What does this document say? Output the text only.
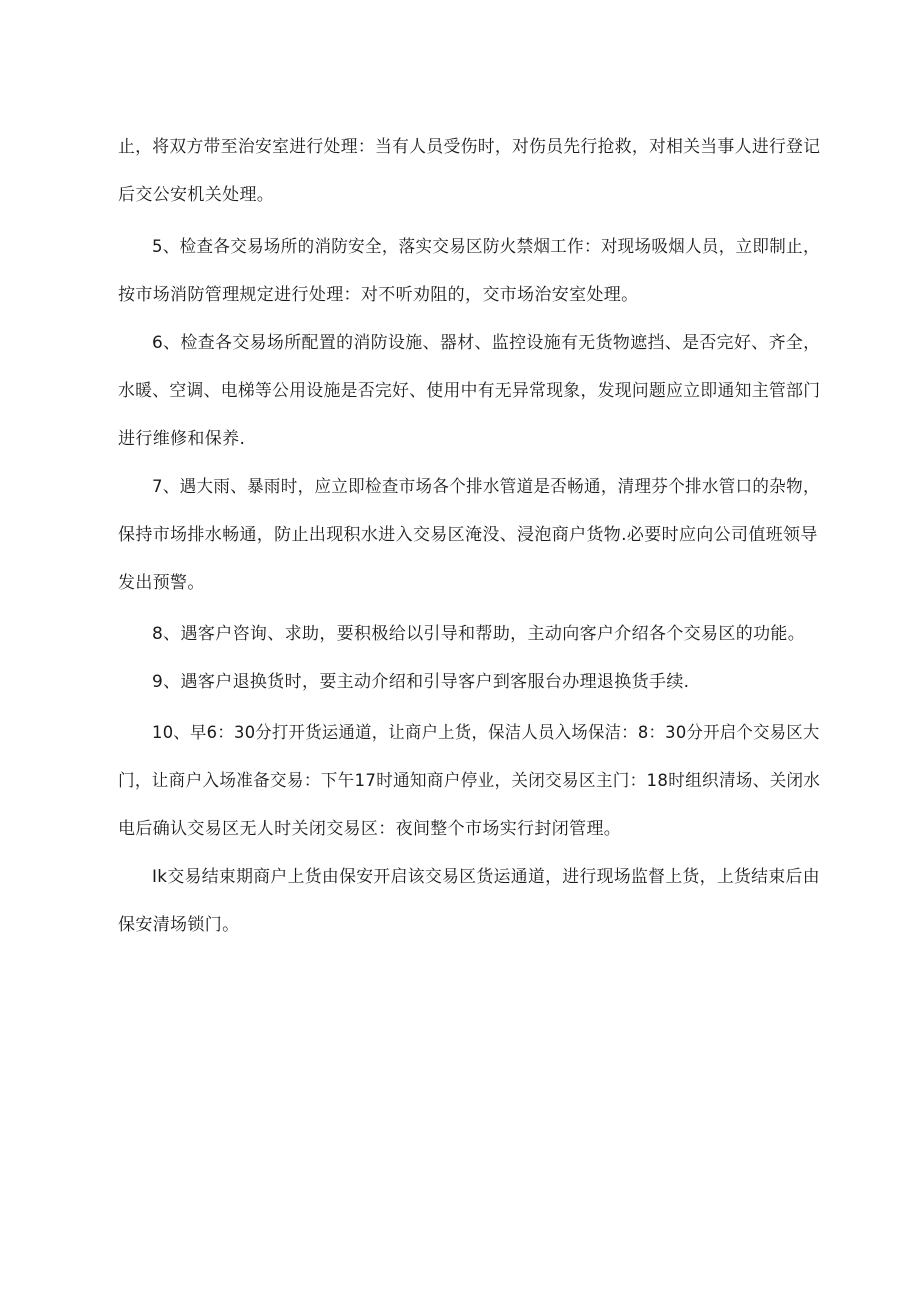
止，将双方带至治安室进行处理：当有人员受伤时，对伤员先行抢救，对相关当事人进行登记
后交公安机关处理。
5、检查各交易场所的消防安全，落实交易区防火禁烟工作：对现场吸烟人员，立即制止，
按市场消防管理规定进行处理：对不听劝阻的，交市场治安室处理。
6、检查各交易场所配置的消防设施、器材、监控设施有无货物遮挡、是否完好、齐全，
水暖、空调、电梯等公用设施是否完好、使用中有无异常现象，发现问题应立即通知主管部门
进行维修和保养.
7、遇大雨、暴雨时，应立即检查市场各个排水管道是否畅通，清理芬个排水管口的杂物，
保持市场排水畅通，防止出现积水进入交易区淹没、浸泡商户货物.必要时应向公司值班领导
发出预警。
8、遇客户咨询、求助，要积极给以引导和帮助，主动向客户介绍各个交易区的功能。
9、遇客户退换货时，要主动介绍和引导客户到客服台办理退换货手续.
10、早6：30分打开货运通道，让商户上货，保洁人员入场保洁：8：30分开启个交易区大
门，让商户入场准备交易：下午17时通知商户停业，关闭交易区主门：18时组织清场、关闭水
电后确认交易区无人时关闭交易区：夜间整个市场实行封闭管理。
Ik交易结束期商户上货由保安开启该交易区货运通道，进行现场监督上货，上货结束后由
保安清场锁门。
